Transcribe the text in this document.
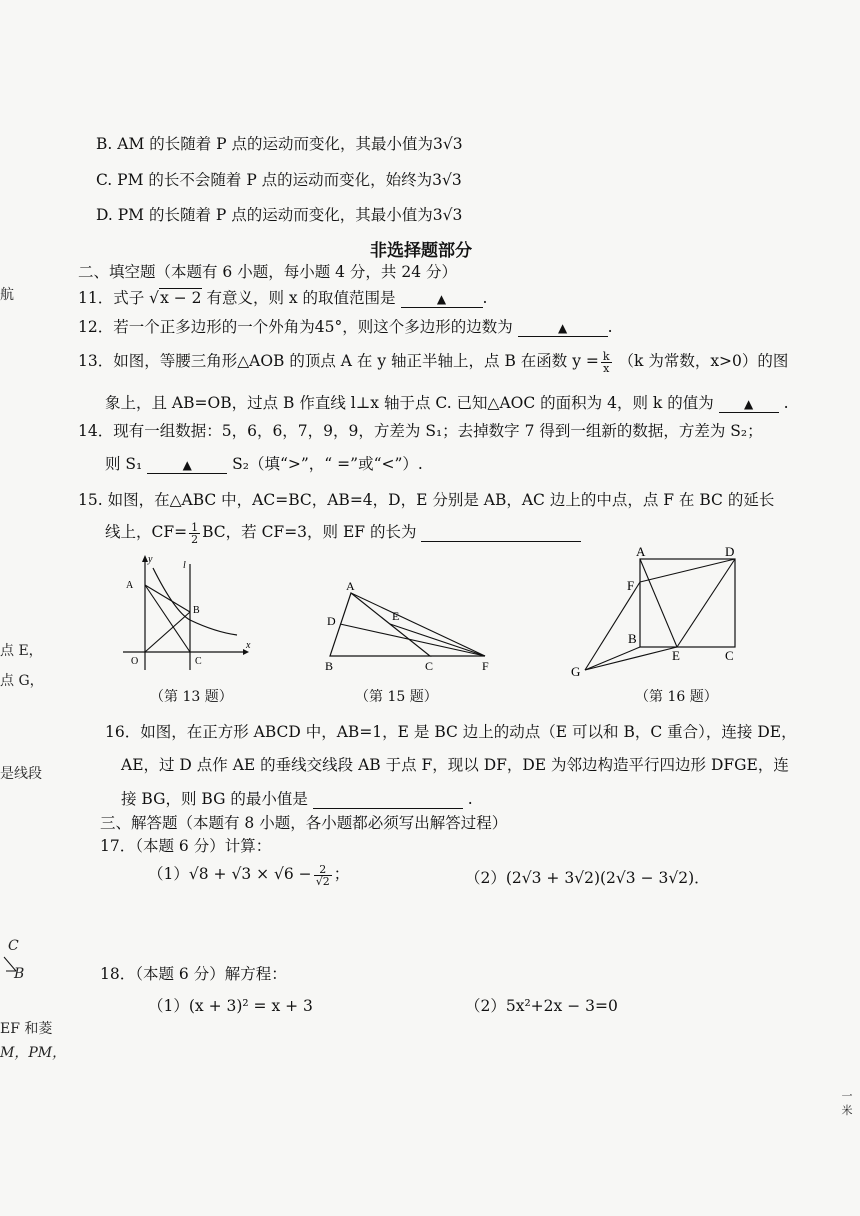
B. AM 的长随着 P 点的运动而变化，其最小值为3√3
C. PM 的长不会随着 P 点的运动而变化，始终为3√3
D. PM 的长随着 P 点的运动而变化，其最小值为3√3
非选择题部分
二、填空题（本题有 6 小题，每小题 4 分，共 24 分）
11．式子 √x − 2 有意义，则 x 的取值范围是	▲ .
12．若一个正多边形的一个外角为45°，则这个多边形的边数为	▲	.
13．如图，等腰三角形△AOB 的顶点 A 在 y 轴正半轴上，点 B 在函数 $y = \frac{k}{x} (k$ 为常数，x>0）的图
象上，且 AB=OB，过点 B 作直线 l⊥x 轴于点 C. 已知△AOC 的面积为 4，则 k 的值为	▲ .
14．现有一组数据：5，6，6，7，9，9，方差为 S₁；去掉数字 7 得到一组新的数据，方差为 S₂；
则 S₁	▲	S₂（填“>”，“ =”或“<”）.
15. 如图，在△ABC 中，AC=BC，AB=4，D，E 分别是 AB，AC 边上的中点，点 F 在 BC 的延长
线上，$CF= \frac{1}{2}$ BC，若 CF=3，则 EF 的长为
A
B
O	C
y
x
l
（第 13 题）
A
B	C
D	E
F
（第 15 题）
A	D
F
B
E	C
G
（第 16 题）
16．如图，在正方形 ABCD 中，AB=1，E 是 BC 边上的动点（E 可以和 B，C 重合），连接 DE，
AE，过 D 点作 AE 的垂线交线段 AB 于点 F，现以 DF，DE 为邻边构造平行四边形 DFGE，连
接 BG，则 BG 的最小值是	.
三、解答题（本题有 8 小题，各小题都必须写出解答过程）
17．（本题 6 分）计算：
$(1)√8 + √3 \times √6 - \frac{2}{√2}$ ；	（2）(2√3 + 3√2)(2√3 − 3√2)．
18．（本题 6 分）解方程：
（1）(x + 3)² = x + 3	（2）5x²+2x − 3=0
航
点 E，
点 G，
是线段
C
B
EF 和菱
M，PM，
一 米
